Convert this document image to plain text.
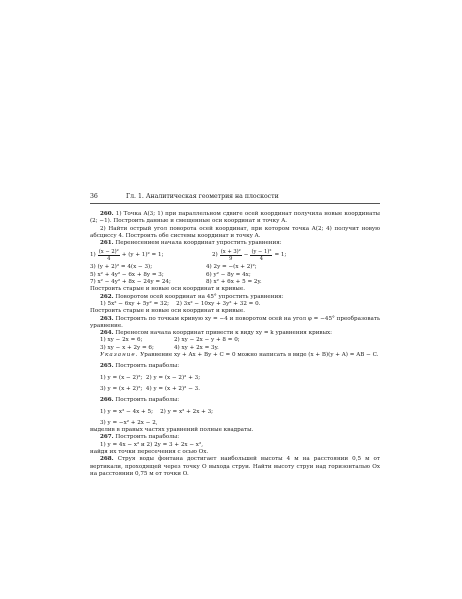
36	Гл. 1. Аналитическая геометрия на плоскости

260. 1) Точка A(3; 1) при параллельном сдвиге осей координат получила новые координаты (2; −1). Построить данные и смещенные оси координат и точку A.

2) Найти острый угол поворота осей координат, при котором точка A(2; 4) получит новую абсциссу 4. Построить обе системы координат и точку A.

261. Перенесением начала координат упростить уравнения:

$1) \frac{\text{(x − 2)²}}{4} + (y + 1)^2 = 1$;	$2) \frac{\text{(x + 3)²}}{9} - \frac{\text{(y − 1)²}}{4} = 1$;
3) (y + 2)² = 4(x − 3);	4) 2y = −(x + 2)²;
5) x² + 4y² − 6x + 8y = 3;	6) y² − 8y = 4x;
7) x² − 4y² + 8x − 24y = 24;	8) x² + 6x + 5 = 2y.

Построить старые и новые оси координат и кривые.

262. Поворотом осей координат на 45° упростить уравнения:

1) 5x² − 6xy + 5y² = 32;    2) 3x² − 10xy + 3y² + 32 = 0.

Построить старые и новые оси координат и кривые.

263. Построить по точкам кривую xy = −4 и поворотом осей на угол φ = −45° преобразовать уравнение.

264. Перенесом начала координат привести к виду xy = k уравнения кривых:

1) xy − 2x = 6;	2) xy − 2x − y + 8 = 0;
3) xy − x + 2y = 6;	4) xy + 2x = 3y.

Указание. Уравнение xy + Ax + By + C = 0 можно написать в виде (x + B)(y + A) = AB − C.

265. Построить параболы:

1) y = (x − 2)²;  2) y = (x − 2)² + 3;

3) y = (x + 2)²;  4) y = (x + 2)² − 3.

266. Построить параболы:

1) y = x² − 4x + 5;    2) y = x² + 2x + 3;

3) y = −x² + 2x − 2,

выделив в правых частях уравнений полные квадраты.

267. Построить параболы:

1) y = 4x − x² и 2) 2y = 3 + 2x − x²,

найдя их точки пересечения с осью Ox.

268. Струя воды фонтана достигает наибольшей высоты 4 м на расстоянии 0,5 м от вертикали, проходящей через точку O выхода струи. Найти высоту струи над горизонталью Ox на расстоянии 0,75 м от точки O.
